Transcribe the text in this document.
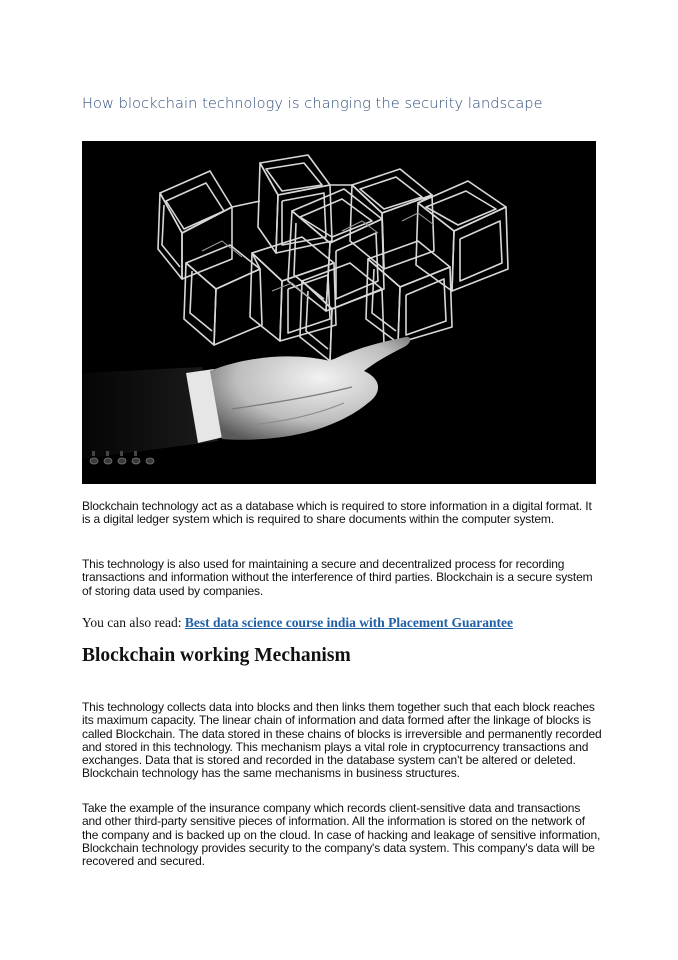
How blockchain technology is changing the security landscape

Blockchain technology act as a database which is required to store information in a digital format. It is a digital ledger system which is required to share documents within the computer system.

This technology is also used for maintaining a secure and decentralized process for recording transactions and information without the interference of third parties. Blockchain is a secure system of storing data used by companies.

You can also read: Best data science course india with Placement Guarantee
Blockchain working Mechanism

This technology collects data into blocks and then links them together such that each block reaches its maximum capacity. The linear chain of information and data formed after the linkage of blocks is called Blockchain. The data stored in these chains of blocks is irreversible and permanently recorded and stored in this technology. This mechanism plays a vital role in cryptocurrency transactions and exchanges. Data that is stored and recorded in the database system can't be altered or deleted. Blockchain technology has the same mechanisms in business structures.

Take the example of the insurance company which records client-sensitive data and transactions and other third-party sensitive pieces of information. All the information is stored on the network of the company and is backed up on the cloud. In case of hacking and leakage of sensitive information, Blockchain technology provides security to the company's data system. This company's data will be recovered and secured.
